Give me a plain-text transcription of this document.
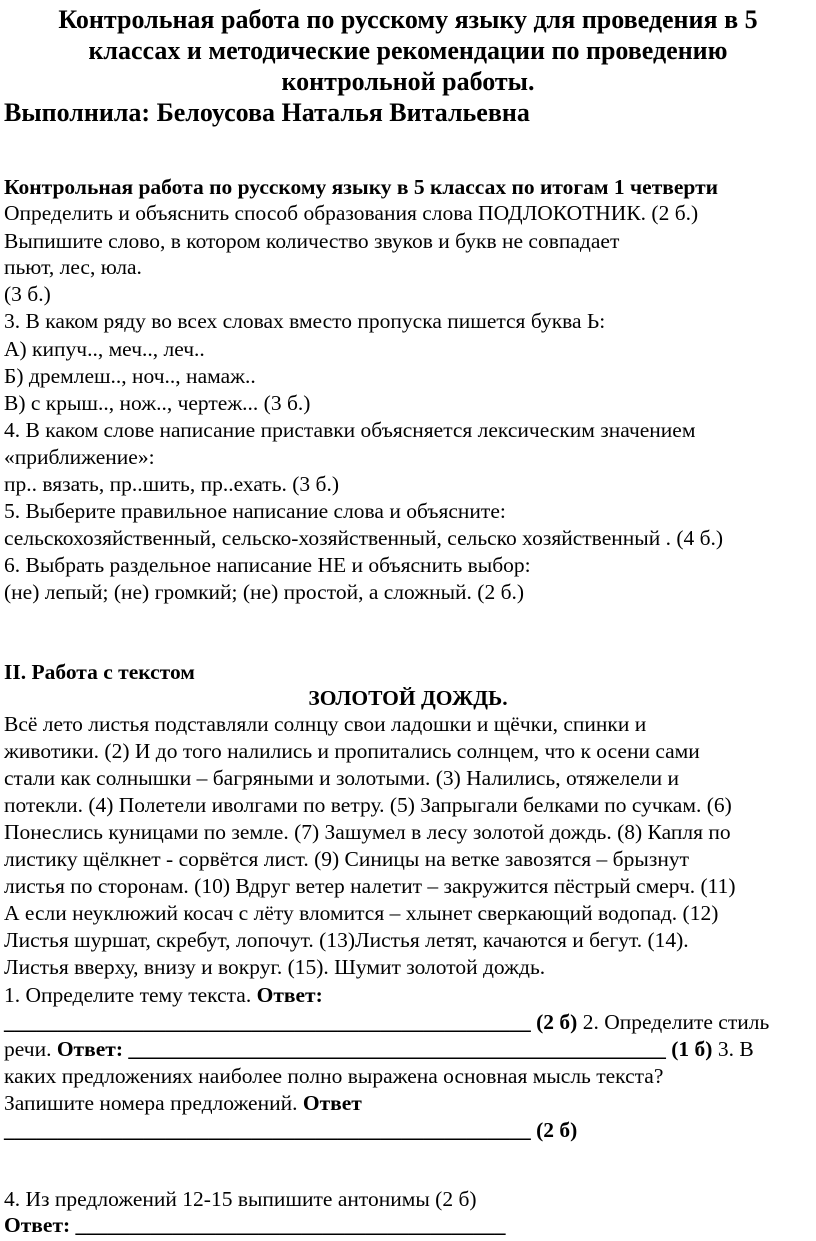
Контрольная работа по русскому языку для проведения в 5
классах и методические рекомендации по проведению
контрольной работы.
Выполнила: Белоусова Наталья Витальевна
Контрольная работа по русскому языку в 5 классах по итогам 1 четверти
Определить и объяснить способ образования слова ПОДЛОКОТНИК. (2 б.)
Выпишите слово, в котором количество звуков и букв не совпадает
пьют, лес, юла.
(3 б.)
3. В каком ряду во всех словах вместо пропуска пишется буква Ь:
А) кипуч.., меч.., леч..
Б) дремлеш.., ноч.., намаж..
В) с крыш.., нож.., чертеж... (3 б.)
4. В каком слове написание приставки объясняется лексическим значением
«приближение»:
пр.. вязать, пр..шить, пр..ехать. (3 б.)
5. Выберите правильное написание слова и объясните:
сельскохозяйственный, сельско-хозяйственный, сельско хозяйственный . (4 б.)
6. Выбрать раздельное написание НЕ и объяснить выбор:
(не) лепый; (не) громкий; (не) простой, а сложный. (2 б.)
II. Работа с текстом
ЗОЛОТОЙ ДОЖДЬ.
Всё лето листья подставляли солнцу свои ладошки и щёчки, спинки и
животики. (2) И до того налились и пропитались солнцем, что к осени сами
стали как солнышки – багряными и золотыми. (3) Налились, отяжелели и
потекли. (4) Полетели иволгами по ветру. (5) Запрыгали белками по сучкам. (6)
Понеслись куницами по земле. (7) Зашумел в лесу золотой дождь. (8) Капля по
листику щёлкнет - сорвётся лист. (9) Синицы на ветке завозятся – брызнут
листья по сторонам. (10) Вдруг ветер налетит – закружится пёстрый смерч. (11)
А если неуклюжий косач с лёту вломится – хлынет сверкающий водопад. (12)
Листья шуршат, скребут, лопочут. (13)Листья летят, качаются и бегут. (14).
Листья вверху, внизу и вокруг. (15). Шумит золотой дождь.
1. Определите тему текста. Ответ:
_________________________________________________ (2 б) 2. Определите стиль
речи. Ответ: __________________________________________________ (1 б) 3. В
каких предложениях наиболее полно выражена основная мысль текста?
Запишите номера предложений. Ответ
_________________________________________________ (2 б)
4. Из предложений 12-15 выпишите антонимы (2 б)
Ответ: ________________________________________
